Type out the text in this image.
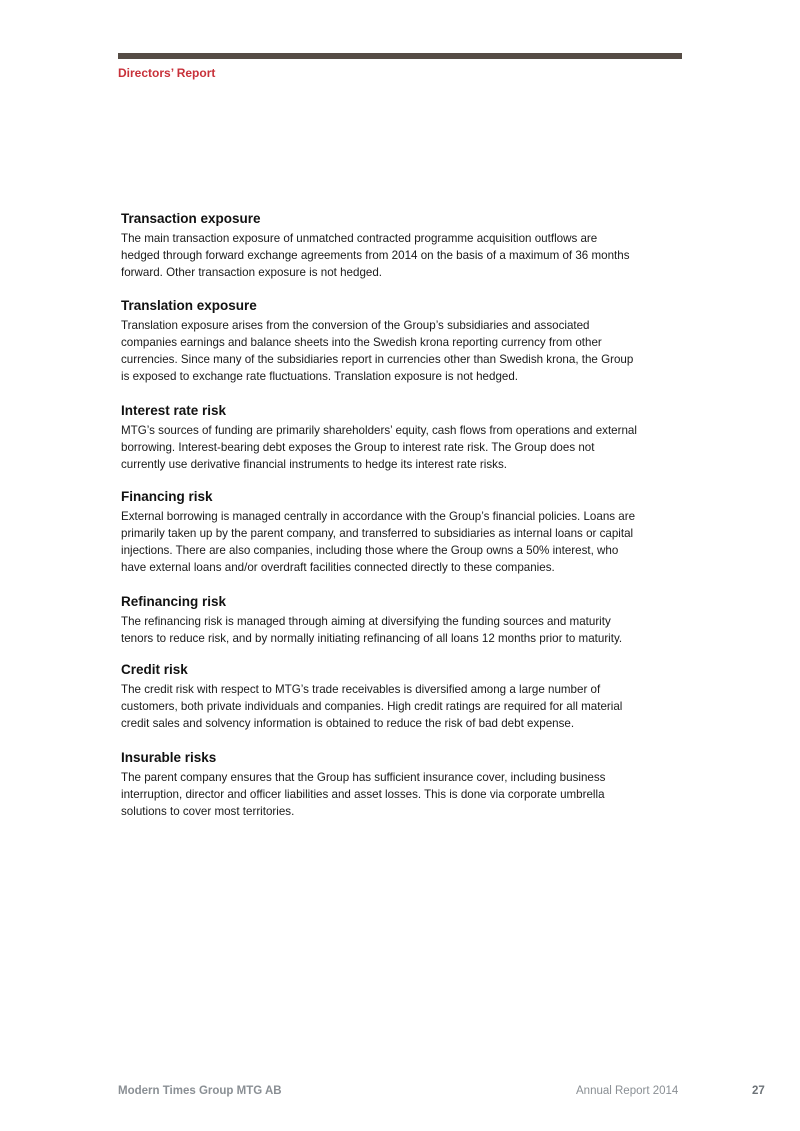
Directors’ Report
Transaction exposure
The main transaction exposure of unmatched contracted programme acquisition outflows are
hedged through forward exchange agreements from 2014 on the basis of a maximum of 36 months
forward. Other transaction exposure is not hedged.
Translation exposure
Translation exposure arises from the conversion of the Group’s subsidiaries and associated
companies earnings and balance sheets into the Swedish krona reporting currency from other
currencies. Since many of the subsidiaries report in currencies other than Swedish krona, the Group
is exposed to exchange rate fluctuations. Translation exposure is not hedged.
Interest rate risk
MTG’s sources of funding are primarily shareholders’ equity, cash flows from operations and external
borrowing. Interest-bearing debt exposes the Group to interest rate risk. The Group does not
currently use derivative financial instruments to hedge its interest rate risks.
Financing risk
External borrowing is managed centrally in accordance with the Group’s financial policies. Loans are
primarily taken up by the parent company, and transferred to subsidiaries as internal loans or capital
injections. There are also companies, including those where the Group owns a 50% interest, who
have external loans and/or overdraft facilities connected directly to these companies.
Refinancing risk
The refinancing risk is managed through aiming at diversifying the funding sources and maturity
tenors to reduce risk, and by normally initiating refinancing of all loans 12 months prior to maturity.
Credit risk
The credit risk with respect to MTG’s trade receivables is diversified among a large number of
customers, both private individuals and companies. High credit ratings are required for all material
credit sales and solvency information is obtained to reduce the risk of bad debt expense.
Insurable risks
The parent company ensures that the Group has sufficient insurance cover, including business
interruption, director and officer liabilities and asset losses. This is done via corporate umbrella
solutions to cover most territories.
Modern Times Group MTG AB	Annual Report 2014	27
